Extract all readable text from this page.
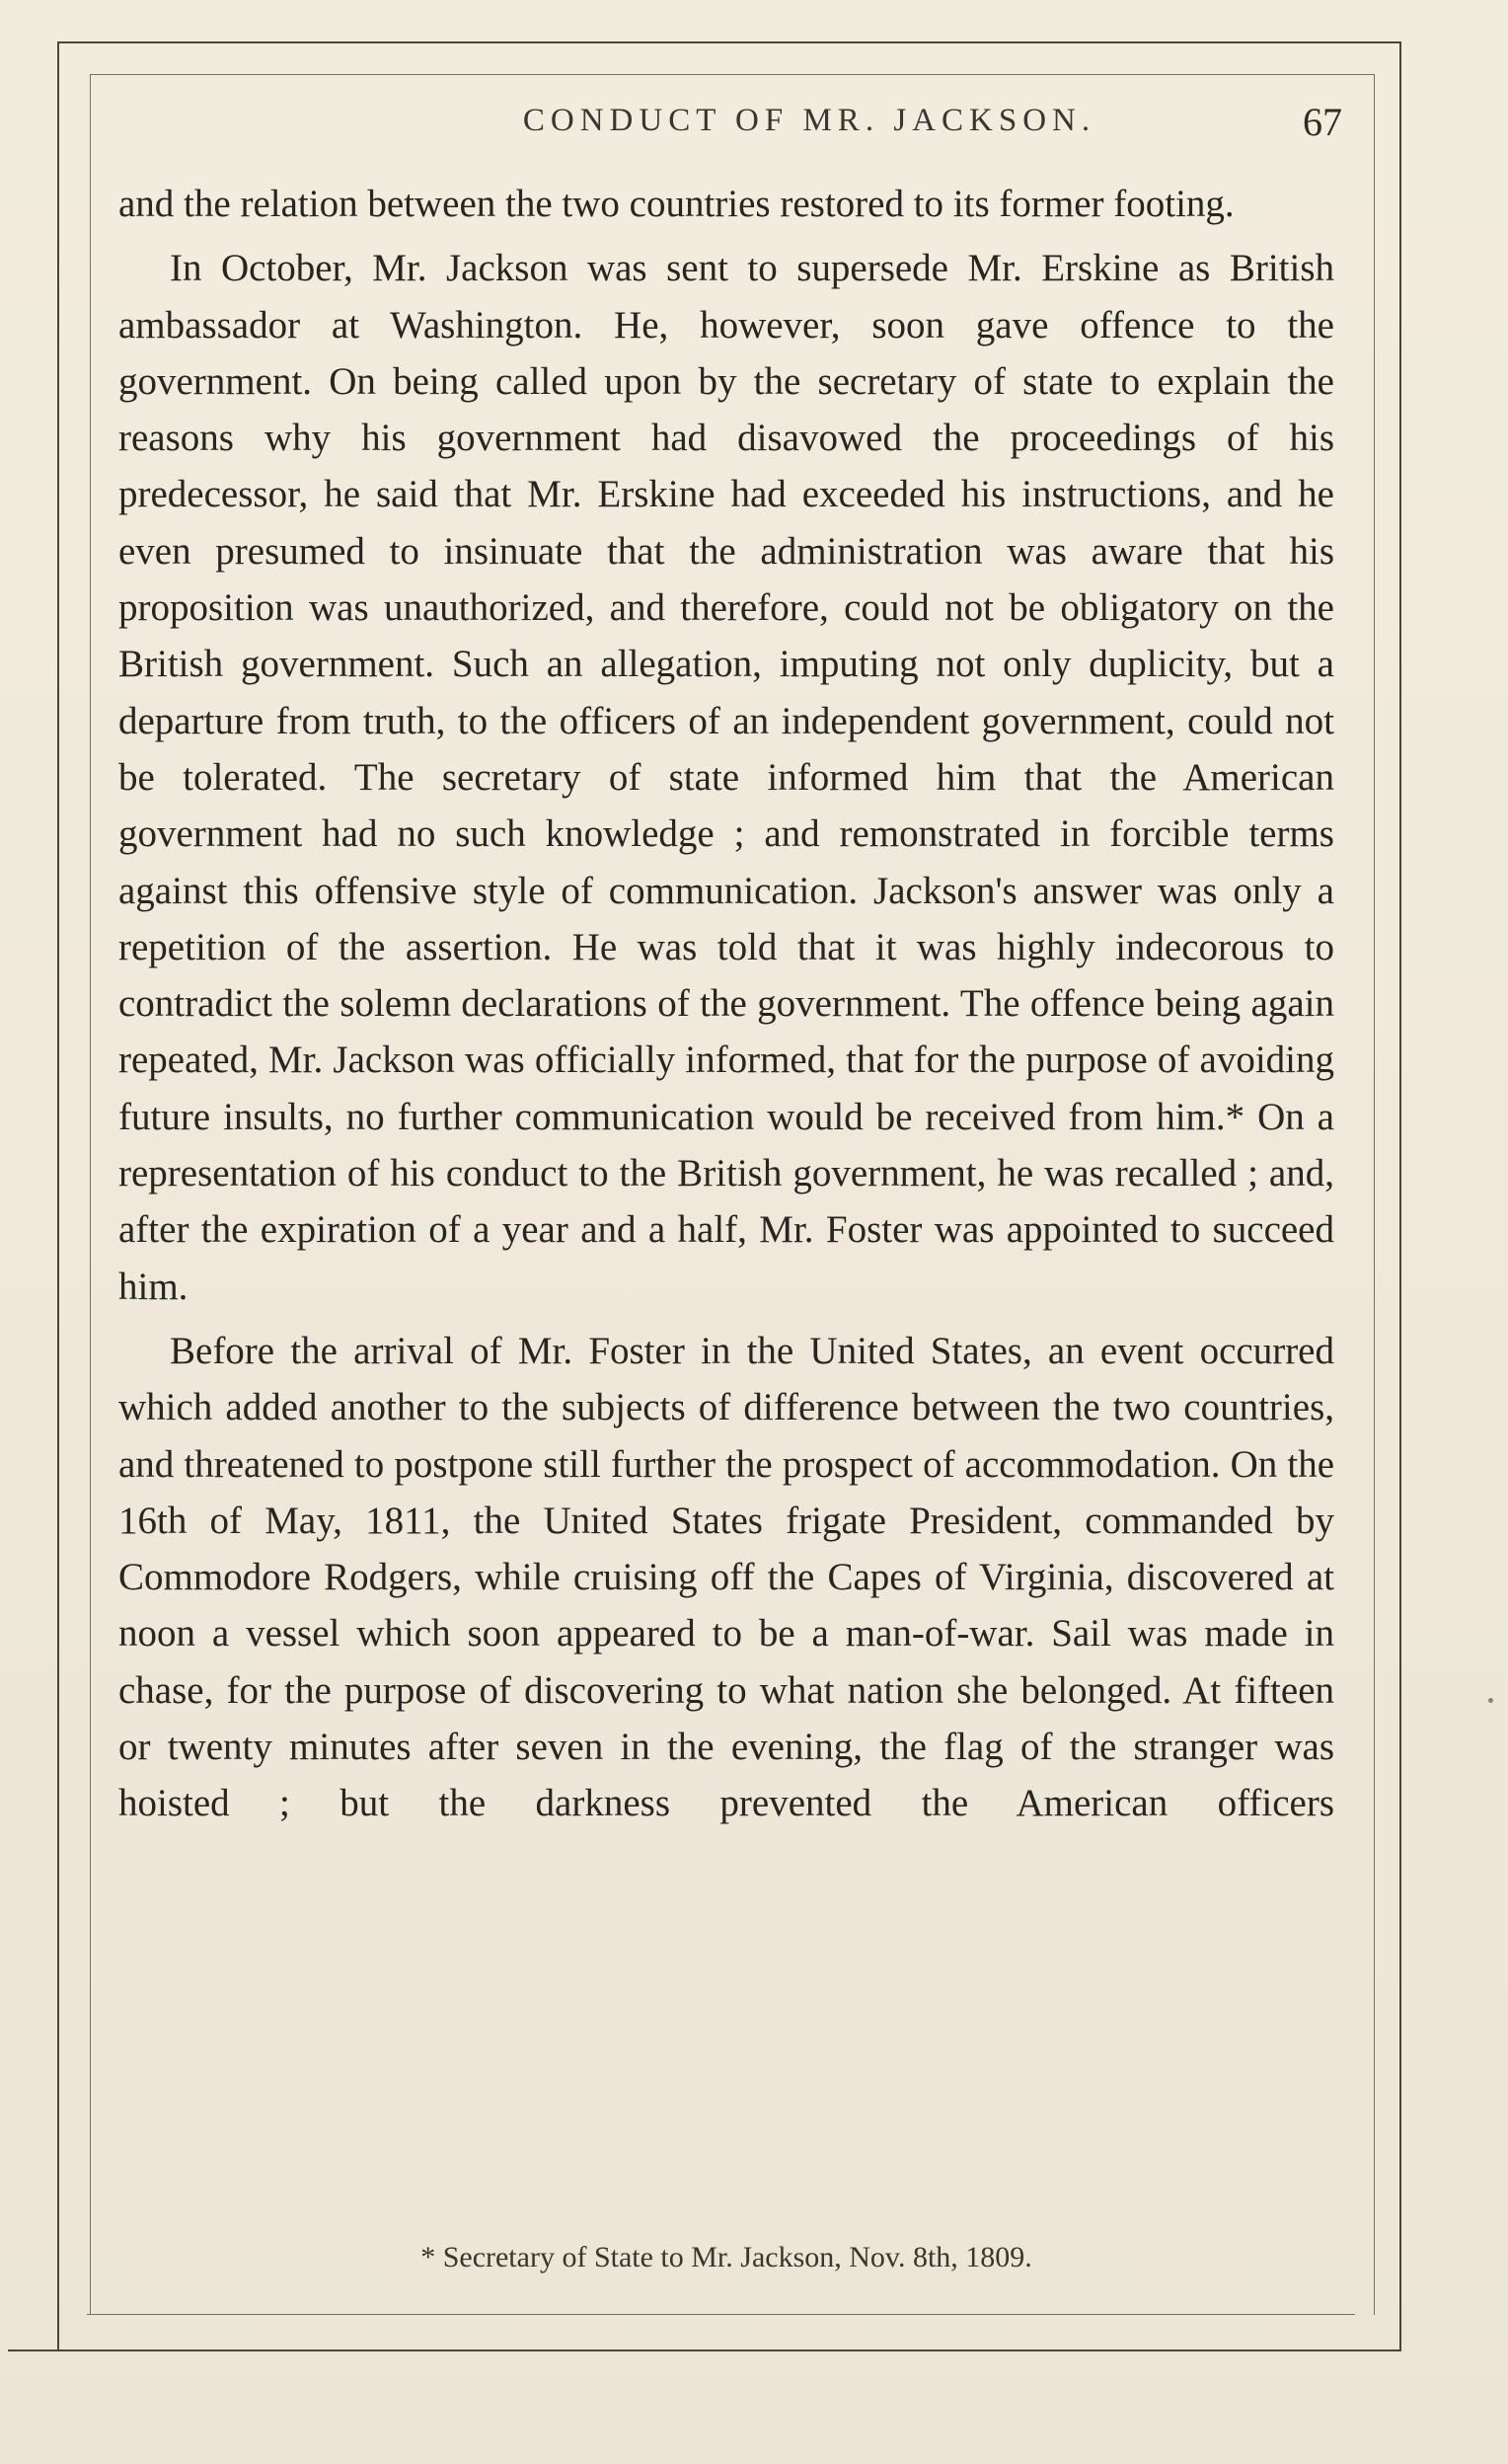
CONDUCT OF MR. JACKSON.	67

and the relation between the two countries restored to its former footing.

In October, Mr. Jackson was sent to supersede Mr. Erskine as British ambassador at Washington. He, however, soon gave offence to the government. On being called upon by the secretary of state to explain the reasons why his government had disavowed the proceedings of his predecessor, he said that Mr. Erskine had exceeded his instructions, and he even presumed to insinuate that the administration was aware that his proposition was unauthorized, and therefore, could not be obligatory on the British government. Such an allegation, imputing not only duplicity, but a departure from truth, to the officers of an independent government, could not be tolerated. The secretary of state informed him that the American government had no such knowledge ; and remonstrated in forcible terms against this offensive style of communication. Jackson's answer was only a repetition of the assertion. He was told that it was highly indecorous to contradict the solemn declarations of the government. The offence being again repeated, Mr. Jackson was officially informed, that for the purpose of avoiding future insults, no further communication would be received from him.* On a representation of his conduct to the British government, he was recalled ; and, after the expiration of a year and a half, Mr. Foster was appointed to succeed him.

Before the arrival of Mr. Foster in the United States, an event occurred which added another to the subjects of difference between the two countries, and threatened to postpone still further the prospect of accommodation. On the 16th of May, 1811, the United States frigate President, commanded by Commodore Rodgers, while cruising off the Capes of Virginia, discovered at noon a vessel which soon appeared to be a man-of-war. Sail was made in chase, for the purpose of discovering to what nation she belonged. At fifteen or twenty minutes after seven in the evening, the flag of the stranger was hoisted ; but the darkness prevented the American officers

* Secretary of State to Mr. Jackson, Nov. 8th, 1809.
